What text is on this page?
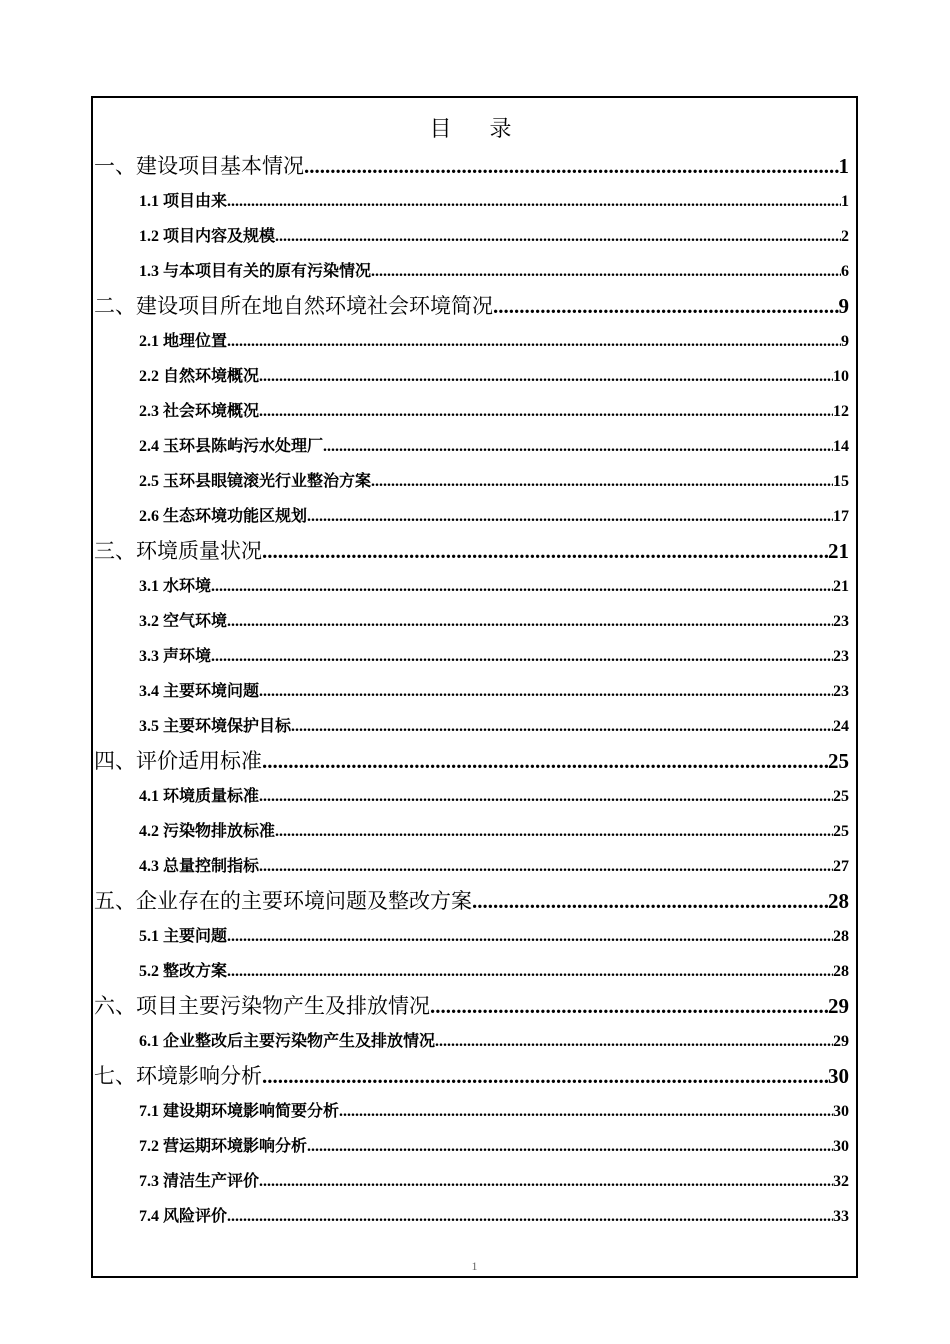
目　录
一、建设项目基本情况 .....	1
1.1 项目由来 .....	1
1.2 项目内容及规模 .....	2
1.3 与本项目有关的原有污染情况 .....	6
二、建设项目所在地自然环境社会环境简况 .....	9
2.1 地理位置 .....	9
2.2 自然环境概况 .....	10
2.3 社会环境概况 .....	12
2.4 玉环县陈屿污水处理厂 .....	14
2.5 玉环县眼镜滚光行业整治方案 .....	15
2.6 生态环境功能区规划 .....	17
三、环境质量状况 .....	21
3.1 水环境 .....	21
3.2 空气环境 .....	23
3.3 声环境 .....	23
3.4 主要环境问题 .....	23
3.5 主要环境保护目标 .....	24
四、评价适用标准 .....	25
4.1 环境质量标准 .....	25
4.2 污染物排放标准 .....	25
4.3 总量控制指标 .....	27
五、企业存在的主要环境问题及整改方案 .....	28
5.1 主要问题 .....	28
5.2 整改方案 .....	28
六、项目主要污染物产生及排放情况 .....	29
6.1 企业整改后主要污染物产生及排放情况 .....	29
七、环境影响分析 .....	30
7.1 建设期环境影响简要分析 .....	30
7.2 营运期环境影响分析 .....	30
7.3 清洁生产评价 .....	32
7.4 风险评价 .....	33
1
